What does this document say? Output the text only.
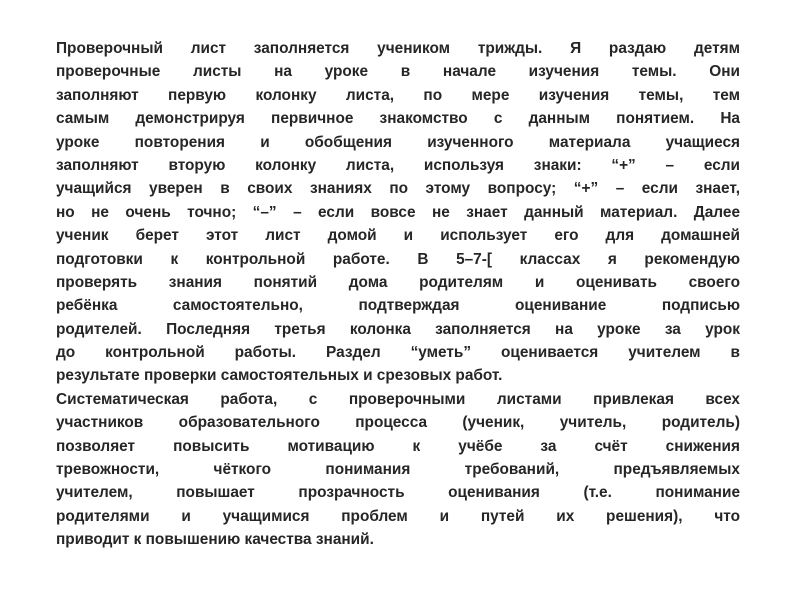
Проверочный лист заполняется учеником трижды. Я раздаю детям
проверочные листы на уроке в начале изучения темы. Они
заполняют первую колонку листа, по мере изучения темы, тем
самым демонстрируя первичное знакомство с данным понятием. На
уроке повторения и обобщения изученного материала учащиеся
заполняют вторую колонку листа, используя знаки: “+” – если
учащийся уверен в своих знаниях по этому вопросу; “+” – если знает,
но не очень точно; “–” – если вовсе не знает данный материал. Далее
ученик берет этот лист домой и использует его для домашней
подготовки к контрольной работе. В 5–7-[ классах я рекомендую
проверять знания понятий дома родителям и оценивать своего
ребёнка самостоятельно, подтверждая оценивание подписью
родителей. Последняя третья колонка заполняется на уроке за урок
до контрольной работы. Раздел “уметь” оценивается учителем в
результате проверки самостоятельных и срезовых работ.
Систематическая работа, с проверочными листами привлекая всех
участников образовательного процесса (ученик, учитель, родитель)
позволяет повысить мотивацию к учёбе за счёт снижения
тревожности, чёткого понимания требований, предъявляемых
учителем, повышает прозрачность оценивания (т.е. понимание
родителями и учащимися проблем и путей их решения), что
приводит к повышению качества знаний.
